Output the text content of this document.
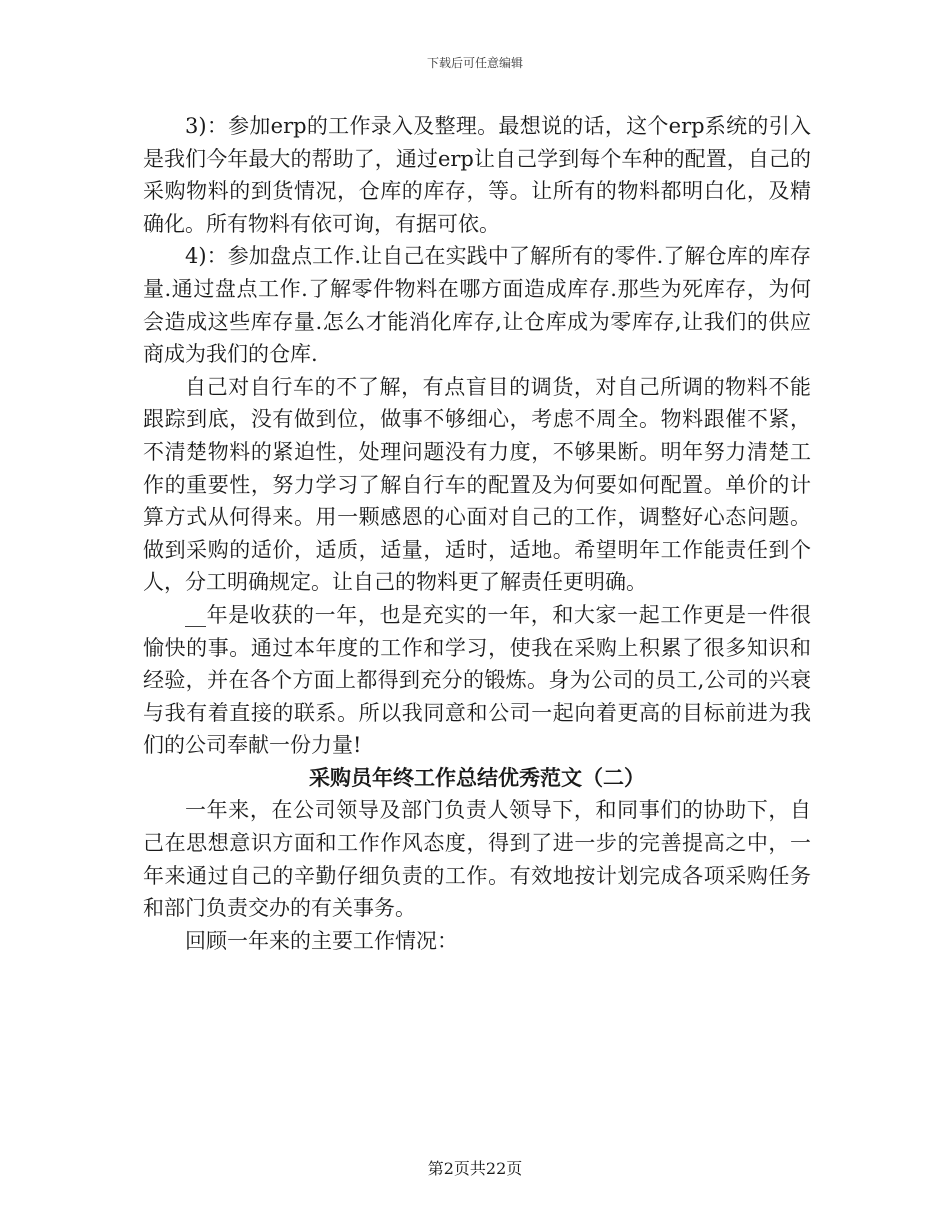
下载后可任意编辑

3)：参加erp的工作录入及整理。最想说的话，这个erp系统的引入是我们今年最大的帮助了，通过erp让自己学到每个车种的配置，自己的采购物料的到货情况，仓库的库存，等。让所有的物料都明白化，及精确化。所有物料有依可询，有据可依。

4)：参加盘点工作.让自己在实践中了解所有的零件.了解仓库的库存量.通过盘点工作.了解零件物料在哪方面造成库存.那些为死库存，为何会造成这些库存量.怎么才能消化库存,让仓库成为零库存,让我们的供应商成为我们的仓库.

自己对自行车的不了解，有点盲目的调货，对自己所调的物料不能跟踪到底，没有做到位，做事不够细心，考虑不周全。物料跟催不紧，不清楚物料的紧迫性，处理问题没有力度，不够果断。明年努力清楚工作的重要性，努力学习了解自行车的配置及为何要如何配置。单价的计算方式从何得来。用一颗感恩的心面对自己的工作，调整好心态问题。做到采购的适价，适质，适量，适时，适地。希望明年工作能责任到个人，分工明确规定。让自己的物料更了解责任更明确。

__年是收获的一年，也是充实的一年，和大家一起工作更是一件很愉快的事。通过本年度的工作和学习，使我在采购上积累了很多知识和经验，并在各个方面上都得到充分的锻炼。身为公司的员工,公司的兴衰与我有着直接的联系。所以我同意和公司一起向着更高的目标前进为我们的公司奉献一份力量!

采购员年终工作总结优秀范文（二）

一年来，在公司领导及部门负责人领导下，和同事们的协助下，自己在思想意识方面和工作作风态度，得到了进一步的完善提高之中，一年来通过自己的辛勤仔细负责的工作。有效地按计划完成各项采购任务和部门负责交办的有关事务。

回顾一年来的主要工作情况：

第2页共22页
